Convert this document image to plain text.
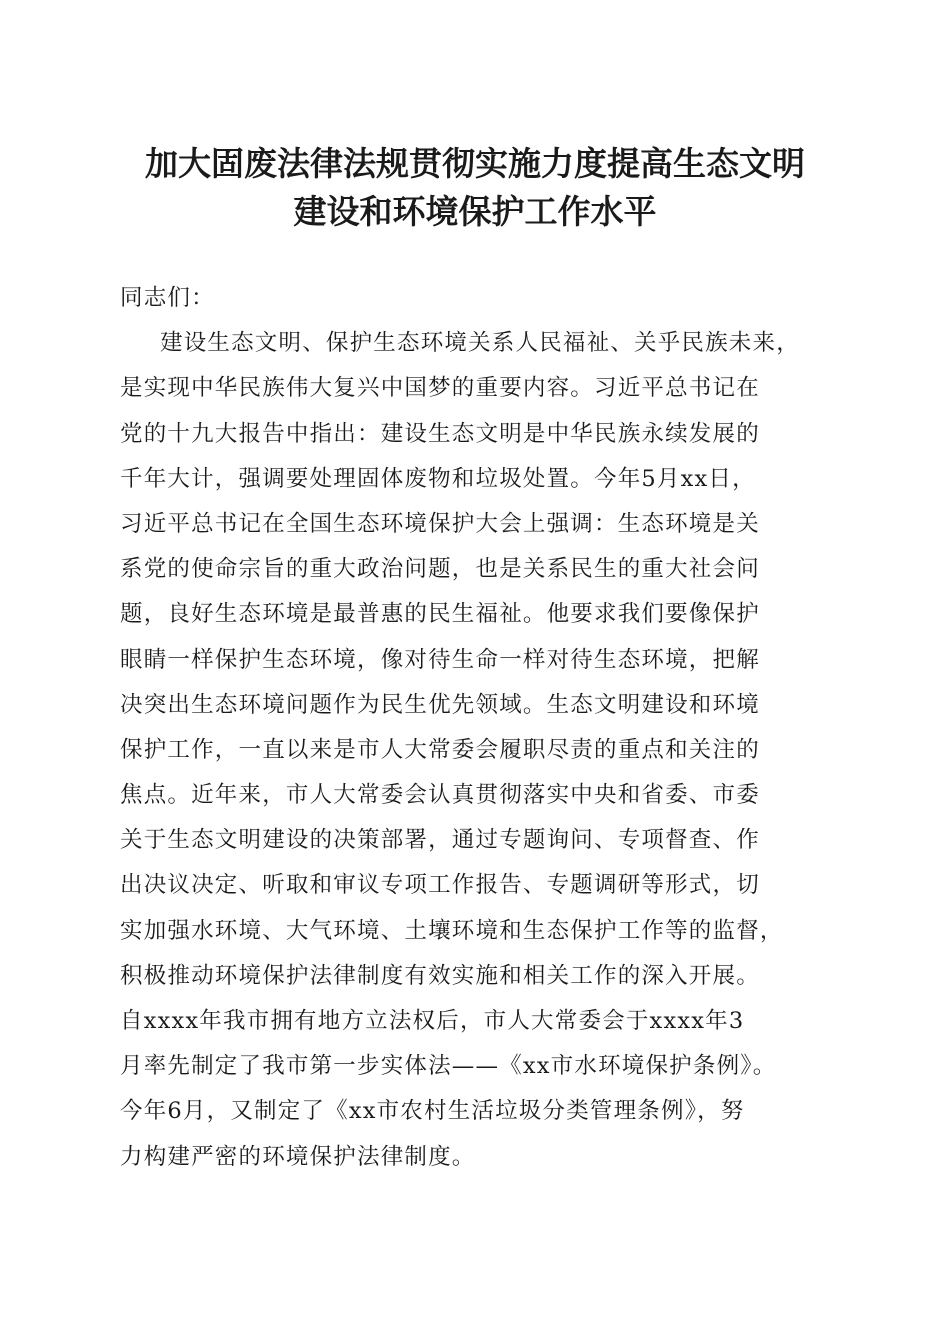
加大固废法律法规贯彻实施力度提高生态文明
建设和环境保护工作水平
同志们：
建设生态文明、保护生态环境关系人民福祉、关乎民族未来，
是实现中华民族伟大复兴中国梦的重要内容。习近平总书记在
党的十九大报告中指出：建设生态文明是中华民族永续发展的
千年大计，强调要处理固体废物和垃圾处置。今年5月xx日，
习近平总书记在全国生态环境保护大会上强调：生态环境是关
系党的使命宗旨的重大政治问题，也是关系民生的重大社会问
题，良好生态环境是最普惠的民生福祉。他要求我们要像保护
眼睛一样保护生态环境，像对待生命一样对待生态环境，把解
决突出生态环境问题作为民生优先领域。生态文明建设和环境
保护工作，一直以来是市人大常委会履职尽责的重点和关注的
焦点。近年来，市人大常委会认真贯彻落实中央和省委、市委
关于生态文明建设的决策部署，通过专题询问、专项督查、作
出决议决定、听取和审议专项工作报告、专题调研等形式，切
实加强水环境、大气环境、土壤环境和生态保护工作等的监督，
积极推动环境保护法律制度有效实施和相关工作的深入开展。
自xxxx年我市拥有地方立法权后，市人大常委会于xxxx年3
月率先制定了我市第一步实体法——《xx市水环境保护条例》。
今年6月，又制定了《xx市农村生活垃圾分类管理条例》，努
力构建严密的环境保护法律制度。
